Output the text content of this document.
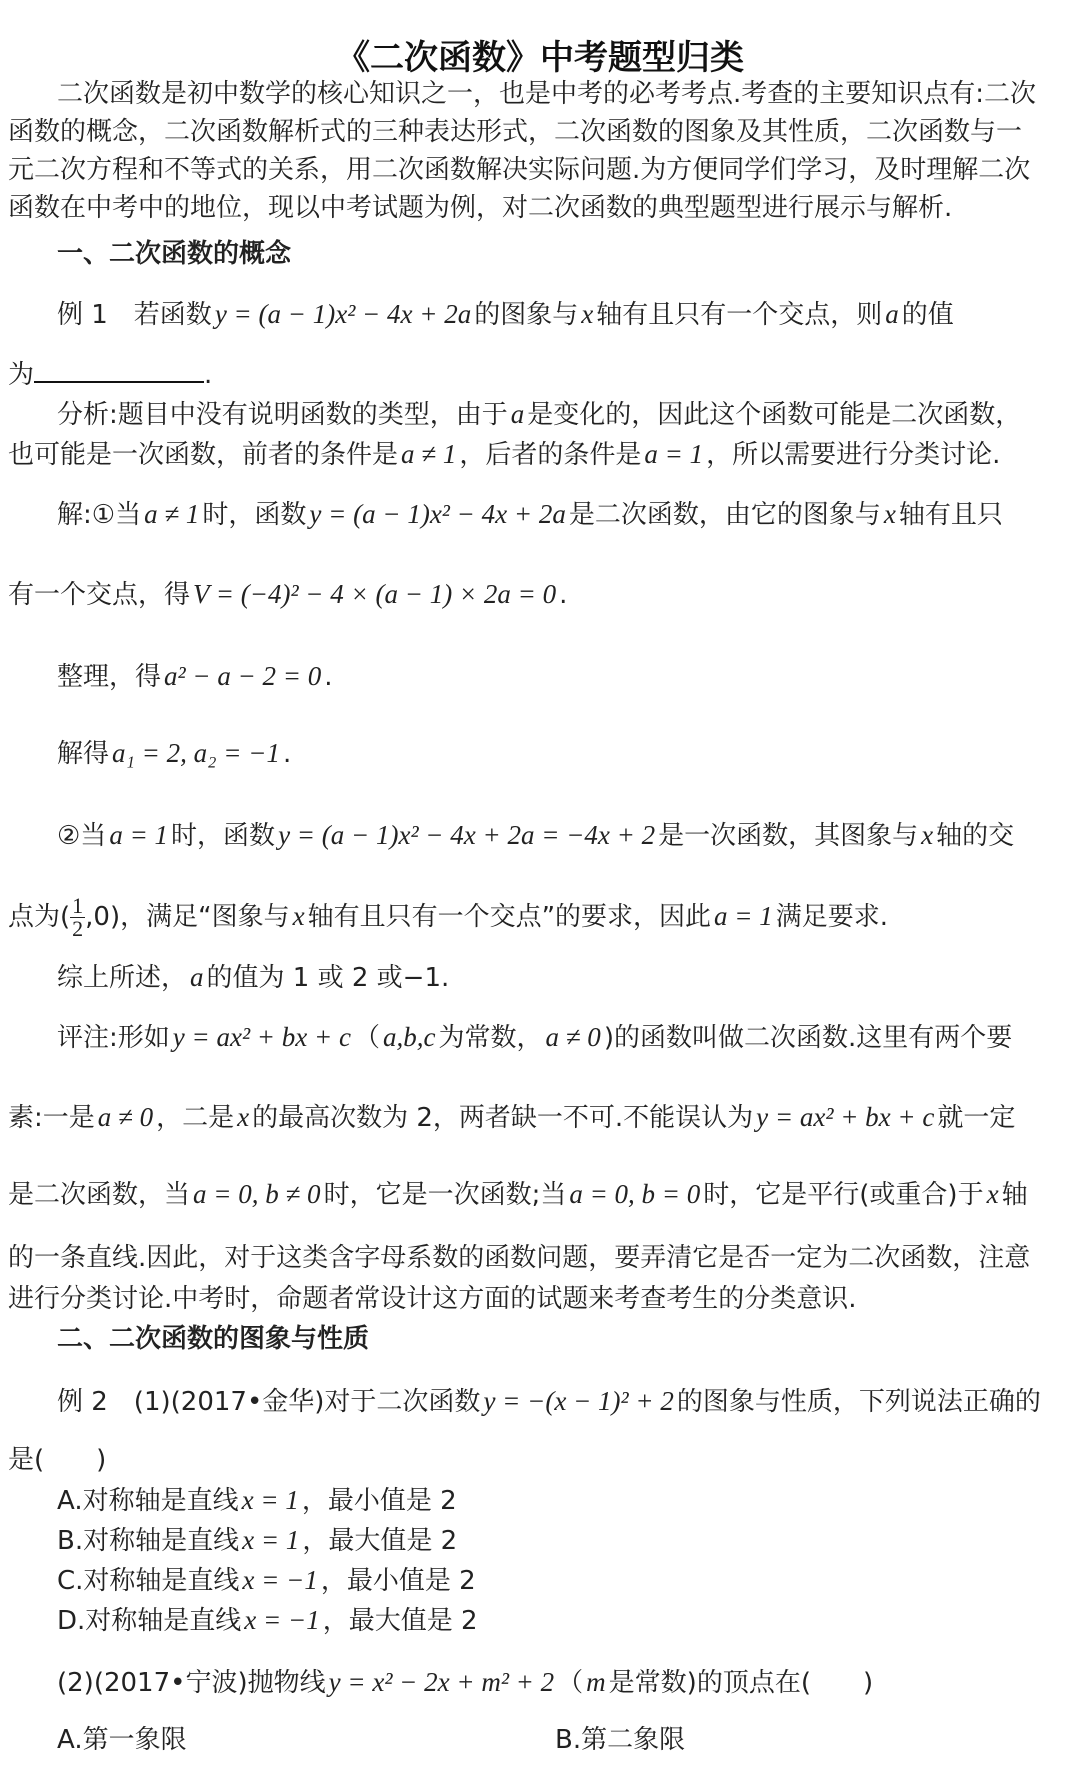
《二次函数》中考题型归类
二次函数是初中数学的核心知识之一，也是中考的必考考点.考查的主要知识点有:二次
函数的概念，二次函数解析式的三种表达形式，二次函数的图象及其性质，二次函数与一
元二次方程和不等式的关系，用二次函数解决实际问题.为方便同学们学习，及时理解二次
函数在中考中的地位，现以中考试题为例，对二次函数的典型题型进行展示与解析.
一、二次函数的概念
例 1　若函数 y = (a − 1)x² − 4x + 2a 的图象与 x 轴有且只有一个交点，则 a 的值
为	.
分析:题目中没有说明函数的类型，由于 a 是变化的，因此这个函数可能是二次函数，
也可能是一次函数，前者的条件是 a ≠ 1 ，后者的条件是 a = 1 ，所以需要进行分类讨论.
解:①当 a ≠ 1 时，函数 y = (a − 1)x² − 4x + 2a 是二次函数，由它的图象与 x 轴有且只
有一个交点，得 V = (−4)² − 4 × (a − 1) × 2a = 0 .
整理，得 a² − a − 2 = 0 .
解得 a₁ = 2, a₂ = −1 .
②当 a = 1 时，函数 y = (a − 1)x² − 4x + 2a = −4x + 2 是一次函数，其图象与 x 轴的交
点为( $\frac{1}{2} ,0$)，满足“图象与 x 轴有且只有一个交点”的要求，因此 a = 1 满足要求.
综上所述， a 的值为 1 或 2 或−1.
评注:形如 y = ax² + bx + c （ a,b,c 为常数， a ≠ 0 )的函数叫做二次函数.这里有两个要
素:一是 a ≠ 0 ，二是 x 的最高次数为 2，两者缺一不可.不能误认为 y = ax² + bx + c 就一定
是二次函数，当 a = 0, b ≠ 0 时，它是一次函数;当 a = 0, b = 0 时，它是平行(或重合)于 x 轴
的一条直线.因此，对于这类含字母系数的函数问题，要弄清它是否一定为二次函数，注意
进行分类讨论.中考时，命题者常设计这方面的试题来考查考生的分类意识.
二、二次函数的图象与性质
例 2　(1)(2017•金华)对于二次函数 y = −(x − 1)² + 2 的图象与性质，下列说法正确的
是(　　)
A.对称轴是直线 x = 1 ，最小值是 2
B.对称轴是直线 x = 1 ，最大值是 2
C.对称轴是直线 x = −1 ，最小值是 2
D.对称轴是直线 x = −1 ，最大值是 2
(2)(2017•宁波)抛物线 y = x² − 2x + m² + 2 （ m 是常数)的顶点在(　　)
A.第一象限	B.第二象限
